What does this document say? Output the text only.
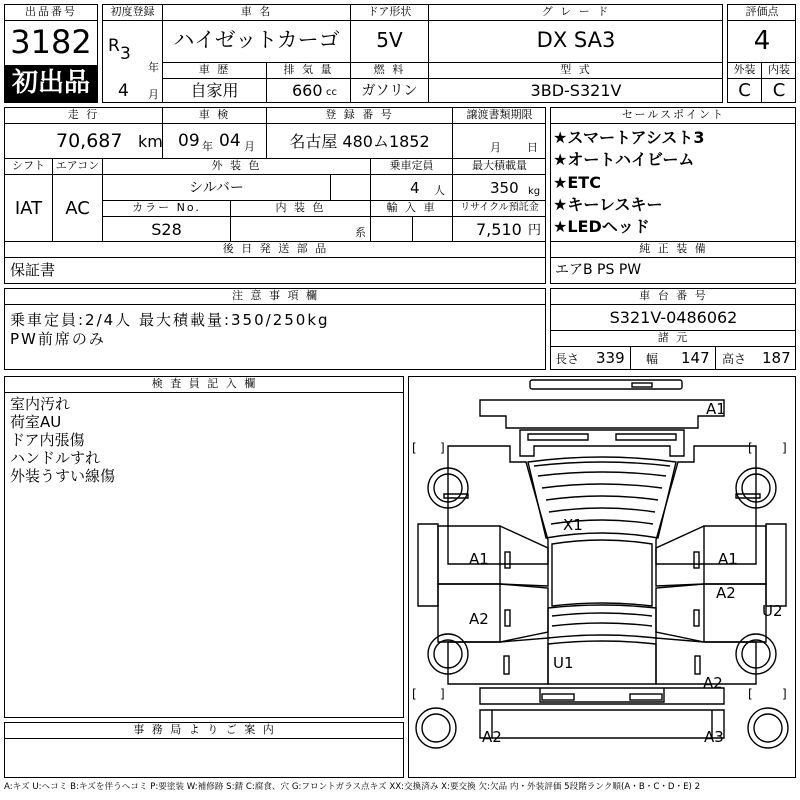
出品番号
3182
初出品
初度登録	車 名	ドア形状	グ レ ー ド
R 3
年
4 月
ハイゼットカーゴ	5V	DX SA3
車 歴	排 気 量	燃 料	型 式
自家用	660 cc	ガソリン	3BD-S321V
評価点
4
外装	内装
C	C
走 行	車 検	登 録 番 号	譲渡書類期限
70,687 km 09 年 04 月	名古屋 480ム1852	月 日
シフト エアコン	外 装 色	乗車定員	最大積載量
IAT	AC
シルバー	4 人	350 kg
カラー No.	内 装 色	輸 入 車	リサイクル預託金
S28	系	7,510 円
後 日 発 送 部 品
保証書
セールスポイント
★スマートアシスト3
★オートハイビーム
★ETC
★キーレスキー
★LEDヘッド
純 正 装 備
エアB PS PW
注 意 事 項 欄
乗車定員:2/4人 最大積載量:350/250kg
PW前席のみ
車 台 番 号
S321V-0486062
諸 元
長さ 339 幅 147 高さ 187
検 査 員 記 入 欄
室内汚れ
荷室AU
ドア内張傷
ハンドルすれ
外装うすい線傷
事 務 局 よ り ご 案 内
[ ]	[ ]
[ ]	[ ]
A1
X1
A1	A1
A2
A2	U2
U1
A2
A2	A3
A:キズ U:ヘコミ B:キズを伴うヘコミ P:要塗装 W:補修跡 S:錆 C:腐食、穴 G:フロントガラス点キズ XX:交換済み X:要交換 欠:欠品 内・外装評価 5段階ランク順(A・B・C・D・E) 2
